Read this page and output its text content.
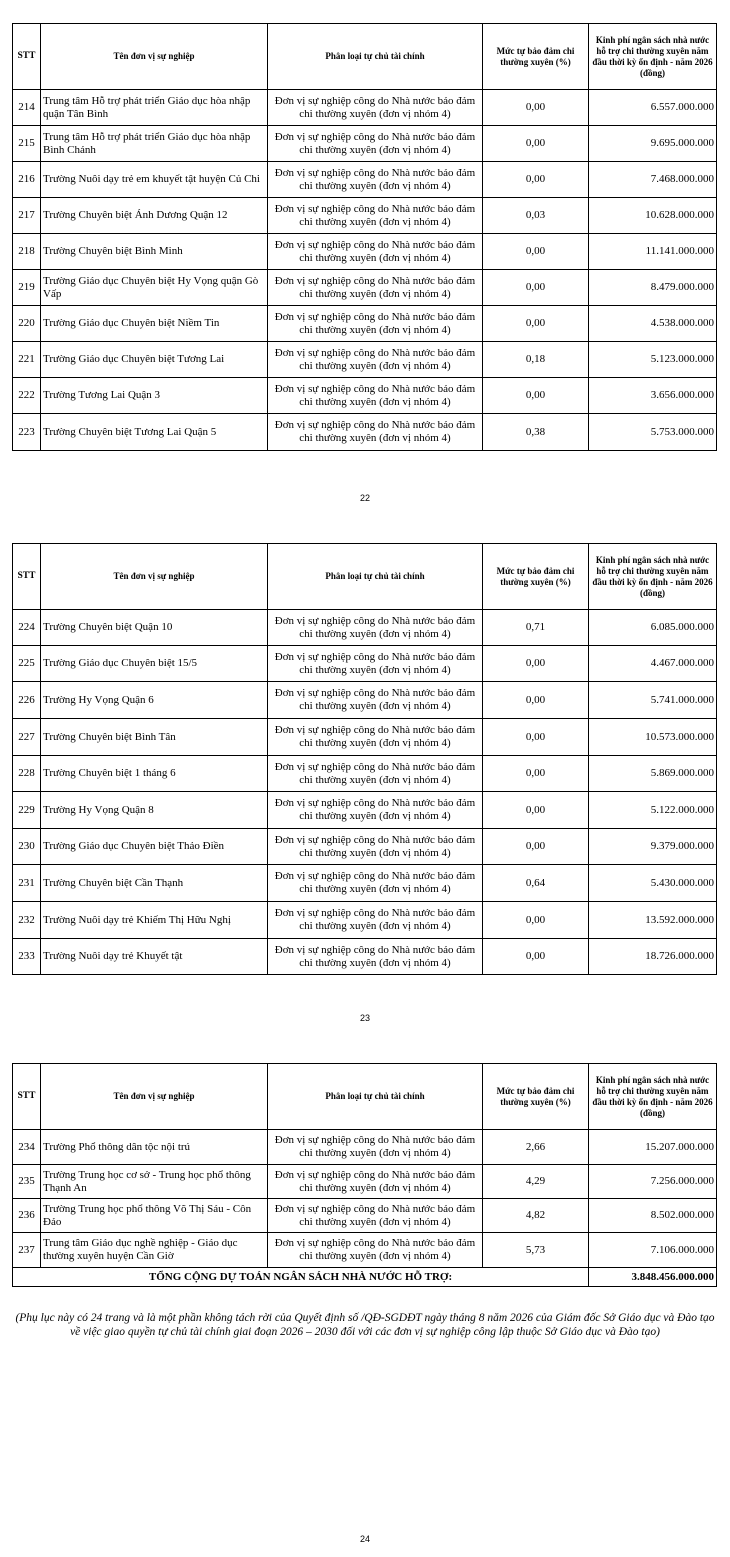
STT	Tên đơn vị sự nghiệp	Phân loại tự chủ tài chính	Mức tự bảo đảm chi thường xuyên (%)	Kinh phí ngân sách nhà nước hỗ trợ chi thường xuyên năm đầu thời kỳ ổn định - năm 2026 (đồng)
214	Trung tâm Hỗ trợ phát triển Giáo dục hòa nhập quận Tân Bình	Đơn vị sự nghiệp công do Nhà nước bảo đảm chi thường xuyên (đơn vị nhóm 4)	0,00	6.557.000.000
215	Trung tâm Hỗ trợ phát triển Giáo dục hòa nhập Bình Chánh	Đơn vị sự nghiệp công do Nhà nước bảo đảm chi thường xuyên (đơn vị nhóm 4)	0,00	9.695.000.000
216	Trường Nuôi dạy trẻ em khuyết tật huyện Củ Chi	Đơn vị sự nghiệp công do Nhà nước bảo đảm chi thường xuyên (đơn vị nhóm 4)	0,00	7.468.000.000
217	Trường Chuyên biệt Ánh Dương Quận 12	Đơn vị sự nghiệp công do Nhà nước bảo đảm chi thường xuyên (đơn vị nhóm 4)	0,03	10.628.000.000
218	Trường Chuyên biệt Bình Minh	Đơn vị sự nghiệp công do Nhà nước bảo đảm chi thường xuyên (đơn vị nhóm 4)	0,00	11.141.000.000
219	Trường Giáo dục Chuyên biệt Hy Vọng quận Gò Vấp	Đơn vị sự nghiệp công do Nhà nước bảo đảm chi thường xuyên (đơn vị nhóm 4)	0,00	8.479.000.000
220	Trường Giáo dục Chuyên biệt Niềm Tin	Đơn vị sự nghiệp công do Nhà nước bảo đảm chi thường xuyên (đơn vị nhóm 4)	0,00	4.538.000.000
221	Trường Giáo dục Chuyên biệt Tương Lai	Đơn vị sự nghiệp công do Nhà nước bảo đảm chi thường xuyên (đơn vị nhóm 4)	0,18	5.123.000.000
222	Trường Tương Lai Quận 3	Đơn vị sự nghiệp công do Nhà nước bảo đảm chi thường xuyên (đơn vị nhóm 4)	0,00	3.656.000.000
223	Trường Chuyên biệt Tương Lai Quận 5	Đơn vị sự nghiệp công do Nhà nước bảo đảm chi thường xuyên (đơn vị nhóm 4)	0,38	5.753.000.000
22
STT	Tên đơn vị sự nghiệp	Phân loại tự chủ tài chính	Mức tự bảo đảm chi thường xuyên (%)	Kinh phí ngân sách nhà nước hỗ trợ chi thường xuyên năm đầu thời kỳ ổn định - năm 2026 (đồng)
224	Trường Chuyên biệt Quận 10	Đơn vị sự nghiệp công do Nhà nước bảo đảm chi thường xuyên (đơn vị nhóm 4)	0,71	6.085.000.000
225	Trường Giáo dục Chuyên biệt 15/5	Đơn vị sự nghiệp công do Nhà nước bảo đảm chi thường xuyên (đơn vị nhóm 4)	0,00	4.467.000.000
226	Trường Hy Vọng Quận 6	Đơn vị sự nghiệp công do Nhà nước bảo đảm chi thường xuyên (đơn vị nhóm 4)	0,00	5.741.000.000
227	Trường Chuyên biệt Bình Tân	Đơn vị sự nghiệp công do Nhà nước bảo đảm chi thường xuyên (đơn vị nhóm 4)	0,00	10.573.000.000
228	Trường Chuyên biệt 1 tháng 6	Đơn vị sự nghiệp công do Nhà nước bảo đảm chi thường xuyên (đơn vị nhóm 4)	0,00	5.869.000.000
229	Trường Hy Vọng Quận 8	Đơn vị sự nghiệp công do Nhà nước bảo đảm chi thường xuyên (đơn vị nhóm 4)	0,00	5.122.000.000
230	Trường Giáo dục Chuyên biệt Thảo Điền	Đơn vị sự nghiệp công do Nhà nước bảo đảm chi thường xuyên (đơn vị nhóm 4)	0,00	9.379.000.000
231	Trường Chuyên biệt Cần Thạnh	Đơn vị sự nghiệp công do Nhà nước bảo đảm chi thường xuyên (đơn vị nhóm 4)	0,64	5.430.000.000
232	Trường Nuôi dạy trẻ Khiếm Thị Hữu Nghị	Đơn vị sự nghiệp công do Nhà nước bảo đảm chi thường xuyên (đơn vị nhóm 4)	0,00	13.592.000.000
233	Trường Nuôi dạy trẻ Khuyết tật	Đơn vị sự nghiệp công do Nhà nước bảo đảm chi thường xuyên (đơn vị nhóm 4)	0,00	18.726.000.000
23
STT	Tên đơn vị sự nghiệp	Phân loại tự chủ tài chính	Mức tự bảo đảm chi thường xuyên (%)	Kinh phí ngân sách nhà nước hỗ trợ chi thường xuyên năm đầu thời kỳ ổn định - năm 2026 (đồng)
234	Trường Phổ thông dân tộc nội trú	Đơn vị sự nghiệp công do Nhà nước bảo đảm chi thường xuyên (đơn vị nhóm 4)	2,66	15.207.000.000
235	Trường Trung học cơ sở - Trung học phổ thông Thạnh An	Đơn vị sự nghiệp công do Nhà nước bảo đảm chi thường xuyên (đơn vị nhóm 4)	4,29	7.256.000.000
236	Trường Trung học phổ thông Võ Thị Sáu - Côn Đảo	Đơn vị sự nghiệp công do Nhà nước bảo đảm chi thường xuyên (đơn vị nhóm 4)	4,82	8.502.000.000
237	Trung tâm Giáo dục nghề nghiệp - Giáo dục thường xuyên huyện Cần Giờ	Đơn vị sự nghiệp công do Nhà nước bảo đảm chi thường xuyên (đơn vị nhóm 4)	5,73	7.106.000.000
TỔNG CỘNG DỰ TOÁN NGÂN SÁCH NHÀ NƯỚC HỖ TRỢ:				3.848.456.000.000
(Phụ lục này có 24 trang và là một phần không tách rời của Quyết định số /QĐ-SGDĐT ngày tháng 8 năm 2026 của Giám đốc Sở Giáo dục và Đào tạo về việc giao quyền tự chủ tài chính giai đoạn 2026 – 2030 đối với các đơn vị sự nghiệp công lập thuộc Sở Giáo dục và Đào tạo)
24
